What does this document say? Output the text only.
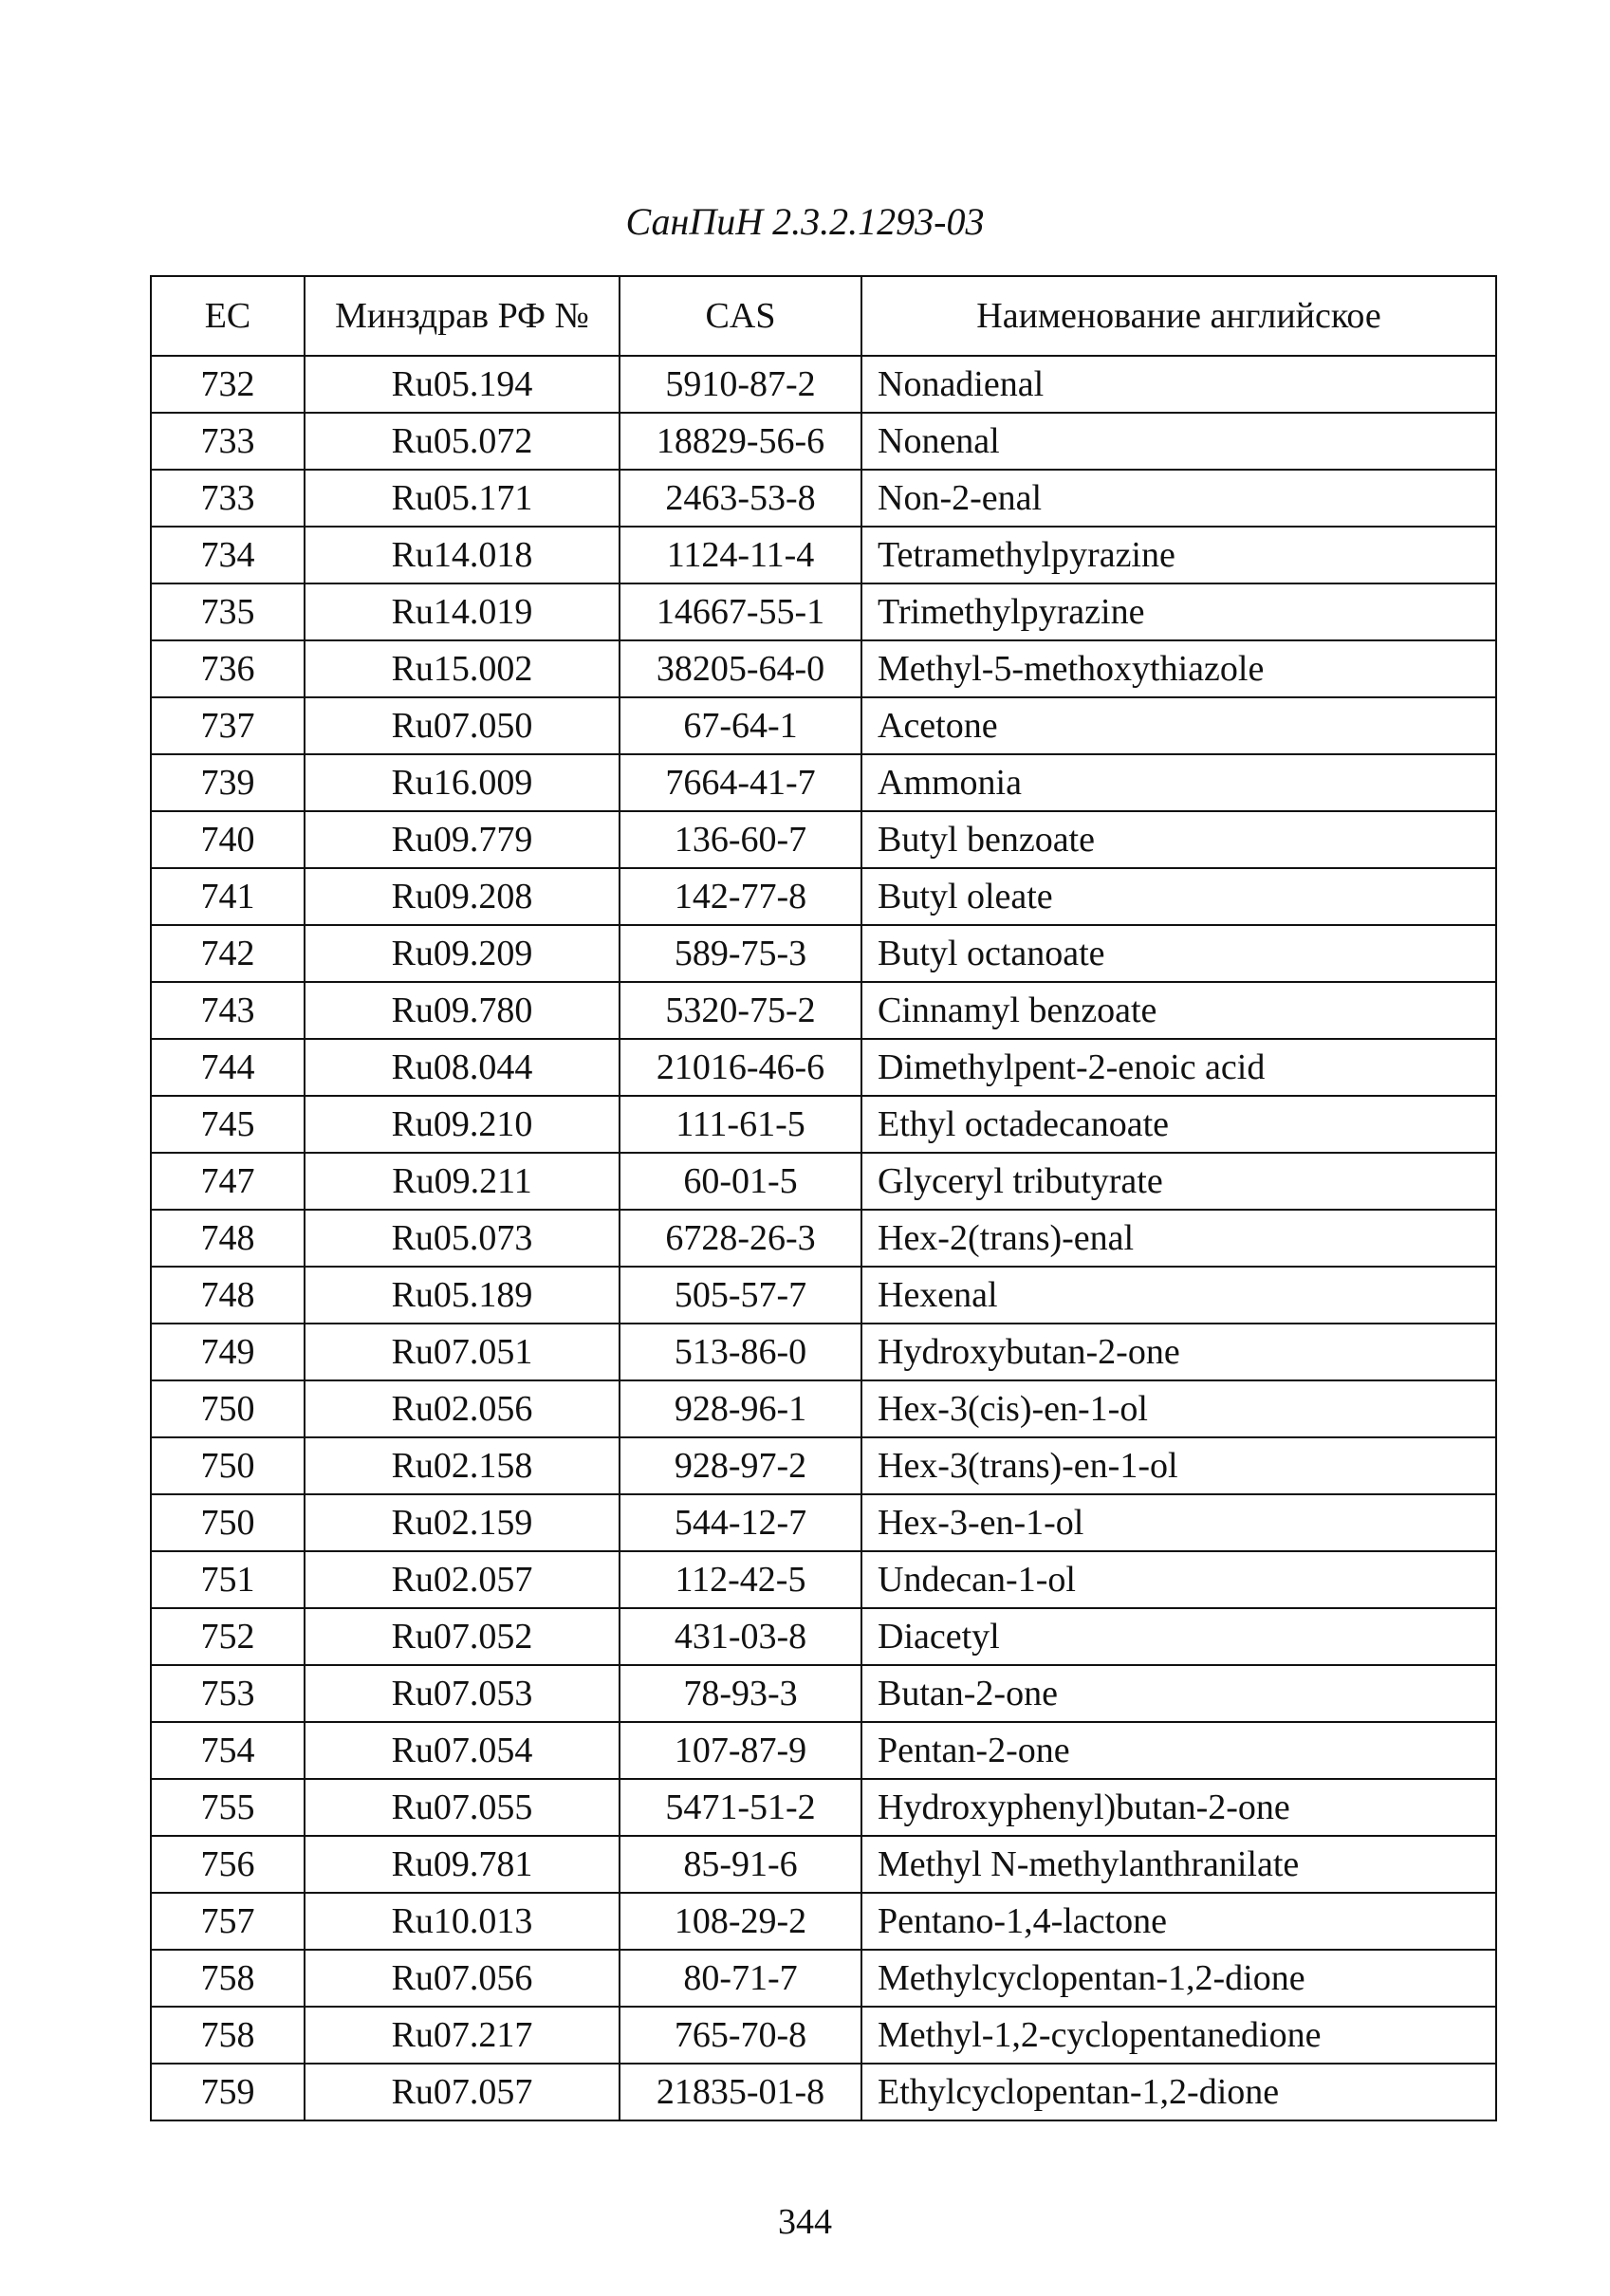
СанПиН 2.3.2.1293-03
ЕС	Минздрав РФ №	CAS	Наименование английское
732	Ru05.194	5910-87-2	Nonadienal
733	Ru05.072	18829-56-6	Nonenal
733	Ru05.171	2463-53-8	Non-2-enal
734	Ru14.018	1124-11-4	Tetramethylpyrazine
735	Ru14.019	14667-55-1	Trimethylpyrazine
736	Ru15.002	38205-64-0	Methyl-5-methoxythiazole
737	Ru07.050	67-64-1	Acetone
739	Ru16.009	7664-41-7	Ammonia
740	Ru09.779	136-60-7	Butyl benzoate
741	Ru09.208	142-77-8	Butyl oleate
742	Ru09.209	589-75-3	Butyl octanoate
743	Ru09.780	5320-75-2	Cinnamyl benzoate
744	Ru08.044	21016-46-6	Dimethylpent-2-enoic acid
745	Ru09.210	111-61-5	Ethyl octadecanoate
747	Ru09.211	60-01-5	Glyceryl tributyrate
748	Ru05.073	6728-26-3	Hex-2(trans)-enal
748	Ru05.189	505-57-7	Hexenal
749	Ru07.051	513-86-0	Hydroxybutan-2-one
750	Ru02.056	928-96-1	Hex-3(cis)-en-1-ol
750	Ru02.158	928-97-2	Hex-3(trans)-en-1-ol
750	Ru02.159	544-12-7	Hex-3-en-1-ol
751	Ru02.057	112-42-5	Undecan-1-ol
752	Ru07.052	431-03-8	Diacetyl
753	Ru07.053	78-93-3	Butan-2-one
754	Ru07.054	107-87-9	Pentan-2-one
755	Ru07.055	5471-51-2	Hydroxyphenyl)butan-2-one
756	Ru09.781	85-91-6	Methyl N-methylanthranilate
757	Ru10.013	108-29-2	Pentano-1,4-lactone
758	Ru07.056	80-71-7	Methylcyclopentan-1,2-dione
758	Ru07.217	765-70-8	Methyl-1,2-cyclopentanedione
759	Ru07.057	21835-01-8	Ethylcyclopentan-1,2-dione
344
